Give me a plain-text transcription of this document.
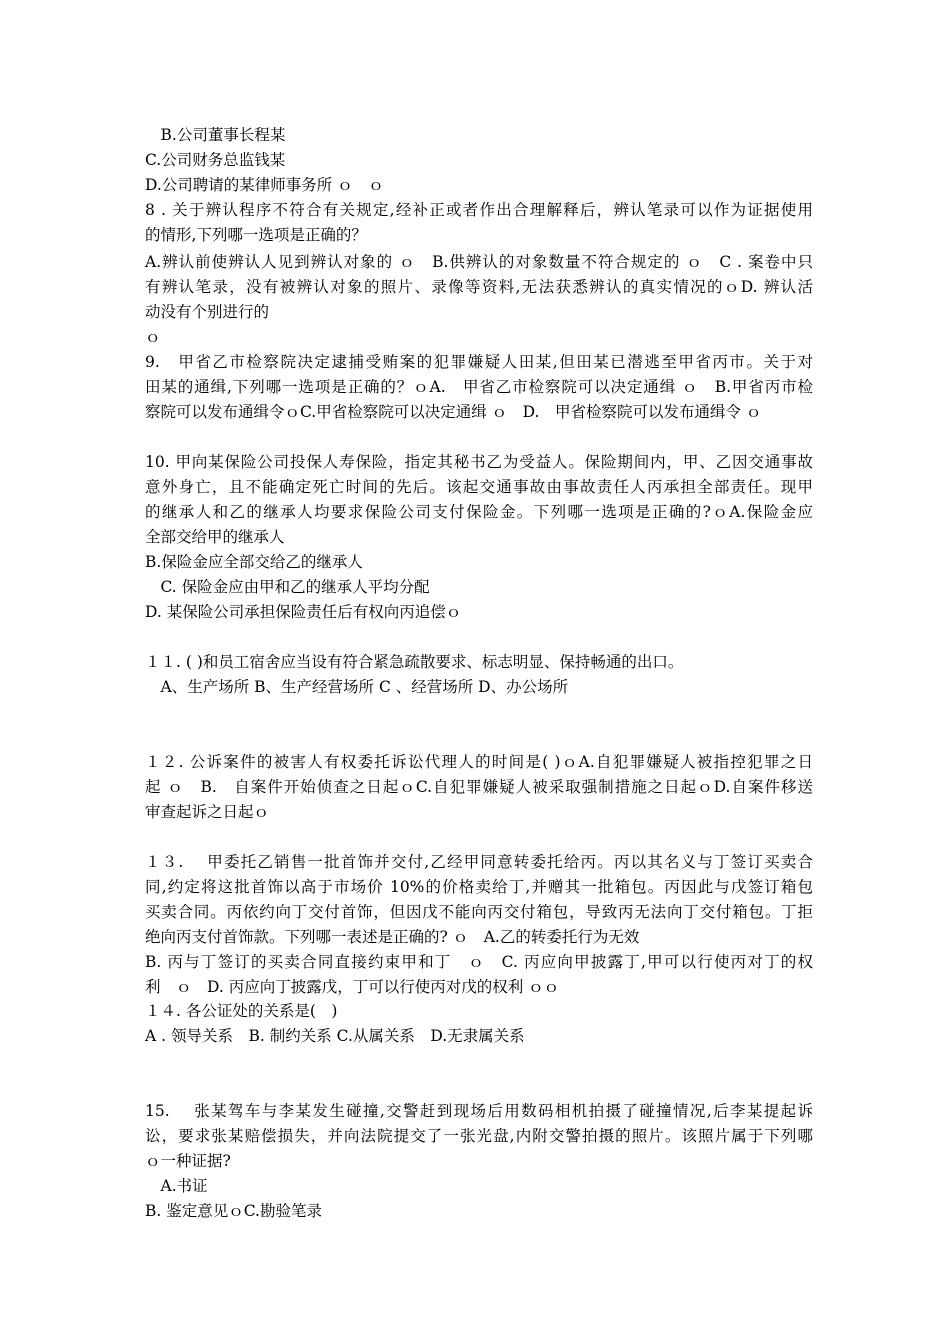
　B.公司董事长程某
C.公司财务总监钱某
D.公司聘请的某律师事务所 ｏ　ｏ
8 . 关于辨认程序不符合有关规定,经补正或者作出合理解释后，辨认笔录可以作为证据使用
的情形,下列哪一选项是正确的？
A.辨认前使辨认人见到辨认对象的 ｏ　B.供辨认的对象数量不符合规定的 ｏ　C . 案卷中只
有辨认笔录，没有被辨认对象的照片、录像等资料,无法获悉辨认的真实情况的ｏD. 辨认活
动没有个别进行的
ｏ
9.　甲省乙市检察院决定逮捕受贿案的犯罪嫌疑人田某,但田某已潜逃至甲省丙市。关于对
田某的通缉,下列哪一选项是正确的？ｏA.　甲省乙市检察院可以决定通缉 ｏ　B.甲省丙市检
察院可以发布通缉令ｏC.甲省检察院可以决定通缉 ｏ　D.　甲省检察院可以发布通缉令 ｏ
10. 甲向某保险公司投保人寿保险，指定其秘书乙为受益人。保险期间内，甲、乙因交通事故
意外身亡，且不能确定死亡时间的先后。该起交通事故由事故责任人丙承担全部责任。现甲
的继承人和乙的继承人均要求保险公司支付保险金。下列哪一选项是正确的?ｏA.保险金应
全部交给甲的继承人
B.保险金应全部交给乙的继承人
　C. 保险金应由甲和乙的继承人平均分配
D. 某保险公司承担保险责任后有权向丙追偿ｏ
１１. ( )和员工宿舍应当设有符合紧急疏散要求、标志明显、保持畅通的出口。
　A、生产场所 B、生产经营场所 C 、经营场所 D、办公场所
１２. 公诉案件的被害人有权委托诉讼代理人的时间是( )ｏA.自犯罪嫌疑人被指控犯罪之日
起 ｏ　B.　自案件开始侦查之日起ｏC.自犯罪嫌疑人被采取强制措施之日起ｏD.自案件移送
审查起诉之日起ｏ
１３.　 甲委托乙销售一批首饰并交付,乙经甲同意转委托给丙。丙以其名义与丁签订买卖合
同,约定将这批首饰以高于市场价 10%的价格卖给丁,并赠其一批箱包。丙因此与戊签订箱包
买卖合同。丙依约向丁交付首饰，但因戊不能向丙交付箱包，导致丙无法向丁交付箱包。丁拒
绝向丙支付首饰款。下列哪一表述是正确的? ｏ　A.乙的转委托行为无效
B. 丙与丁签订的买卖合同直接约束甲和丁　ｏ　C. 丙应向甲披露丁,甲可以行使丙对丁的权
利　ｏ　D. 丙应向丁披露戊，丁可以行使丙对戊的权利 ｏｏ
１４. 各公证处的关系是(　)
A . 领导关系　B. 制约关系 C.从属关系　D.无隶属关系
15.　 张某驾车与李某发生碰撞,交警赶到现场后用数码相机拍摄了碰撞情况,后李某提起诉
讼，要求张某赔偿损失，并向法院提交了一张光盘,内附交警拍摄的照片。该照片属于下列哪
ｏ一种证据?
　A.书证
B. 鉴定意见ｏC.勘验笔录
